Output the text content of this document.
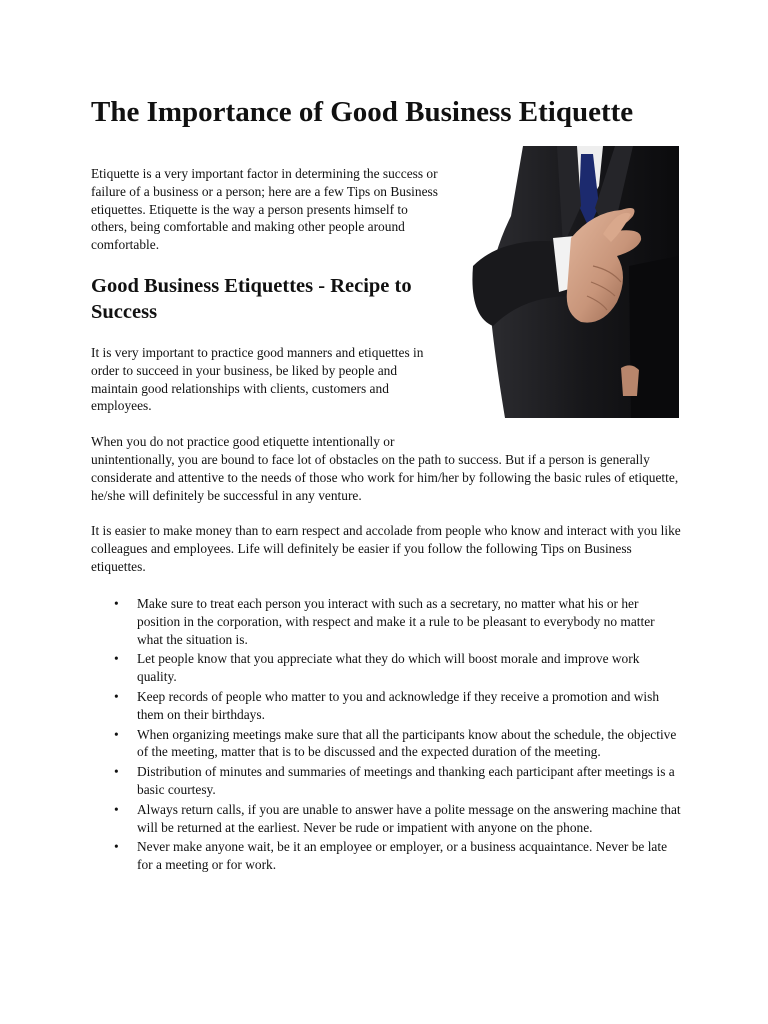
The Importance of Good Business Etiquette

Etiquette is a very important factor in determining the success or failure of a business or a person; here are a few Tips on Business etiquettes. Etiquette is the way a person presents himself to others, being comfortable and making other people around comfortable.

Good Business Etiquettes - Recipe to Success

It is very important to practice good manners and etiquettes in order to succeed in your business, be liked by people and maintain good relationships with clients, customers and employees.

When you do not practice good etiquette intentionally or

unintentionally, you are bound to face lot of obstacles on the path to success. But if a person is generally considerate and attentive to the needs of those who work for him/her by following the basic rules of etiquette, he/she will definitely be successful in any venture.

It is easier to make money than to earn respect and accolade from people who know and interact with you like colleagues and employees. Life will definitely be easier if you follow the following Tips on Business etiquettes.

• Make sure to treat each person you interact with such as a secretary, no matter what his or her position in the corporation, with respect and make it a rule to be pleasant to everybody no matter what the situation is.
• Let people know that you appreciate what they do which will boost morale and improve work quality.
• Keep records of people who matter to you and acknowledge if they receive a promotion and wish them on their birthdays.
• When organizing meetings make sure that all the participants know about the schedule, the objective of the meeting, matter that is to be discussed and the expected duration of the meeting.
• Distribution of minutes and summaries of meetings and thanking each participant after meetings is a basic courtesy.
• Always return calls, if you are unable to answer have a polite message on the answering machine that will be returned at the earliest. Never be rude or impatient with anyone on the phone.
• Never make anyone wait, be it an employee or employer, or a business acquaintance. Never be late for a meeting or for work.
